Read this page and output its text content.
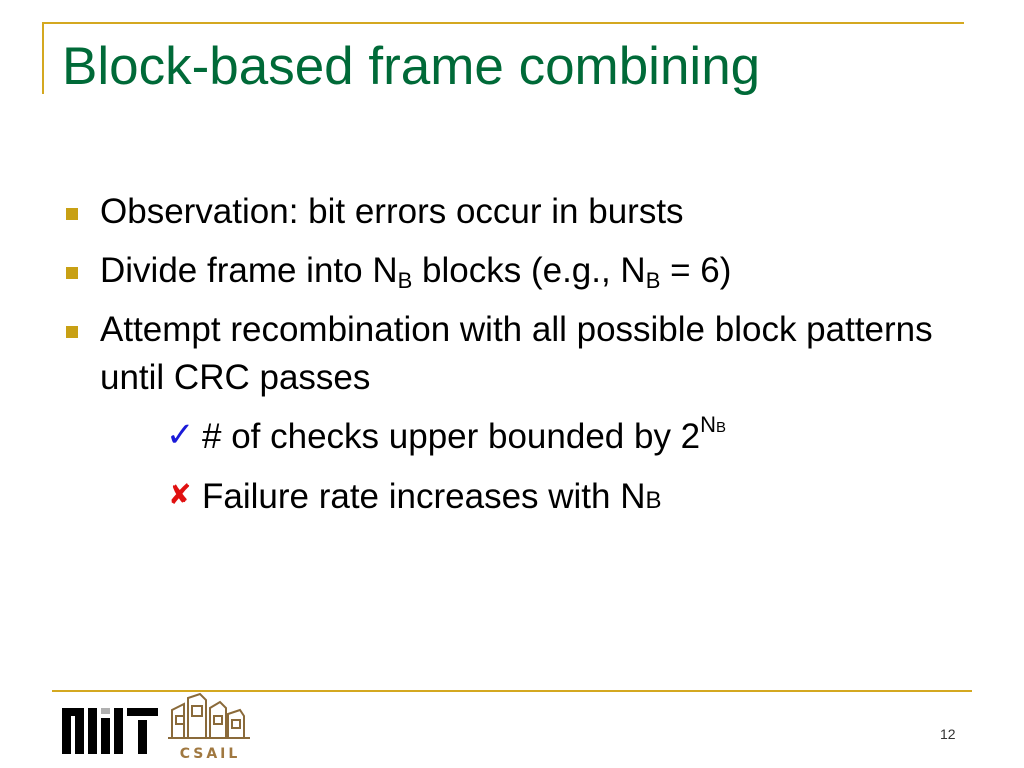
Block-based frame combining
Observation: bit errors occur in bursts
Divide frame into $N_B$ blocks (e.g., $N_B = 6$)
Attempt recombination with all possible block patterns until CRC passes
✓ # of checks upper bounded by $2^{NB}$
✘ Failure rate increases with NB
CSAIL
12
